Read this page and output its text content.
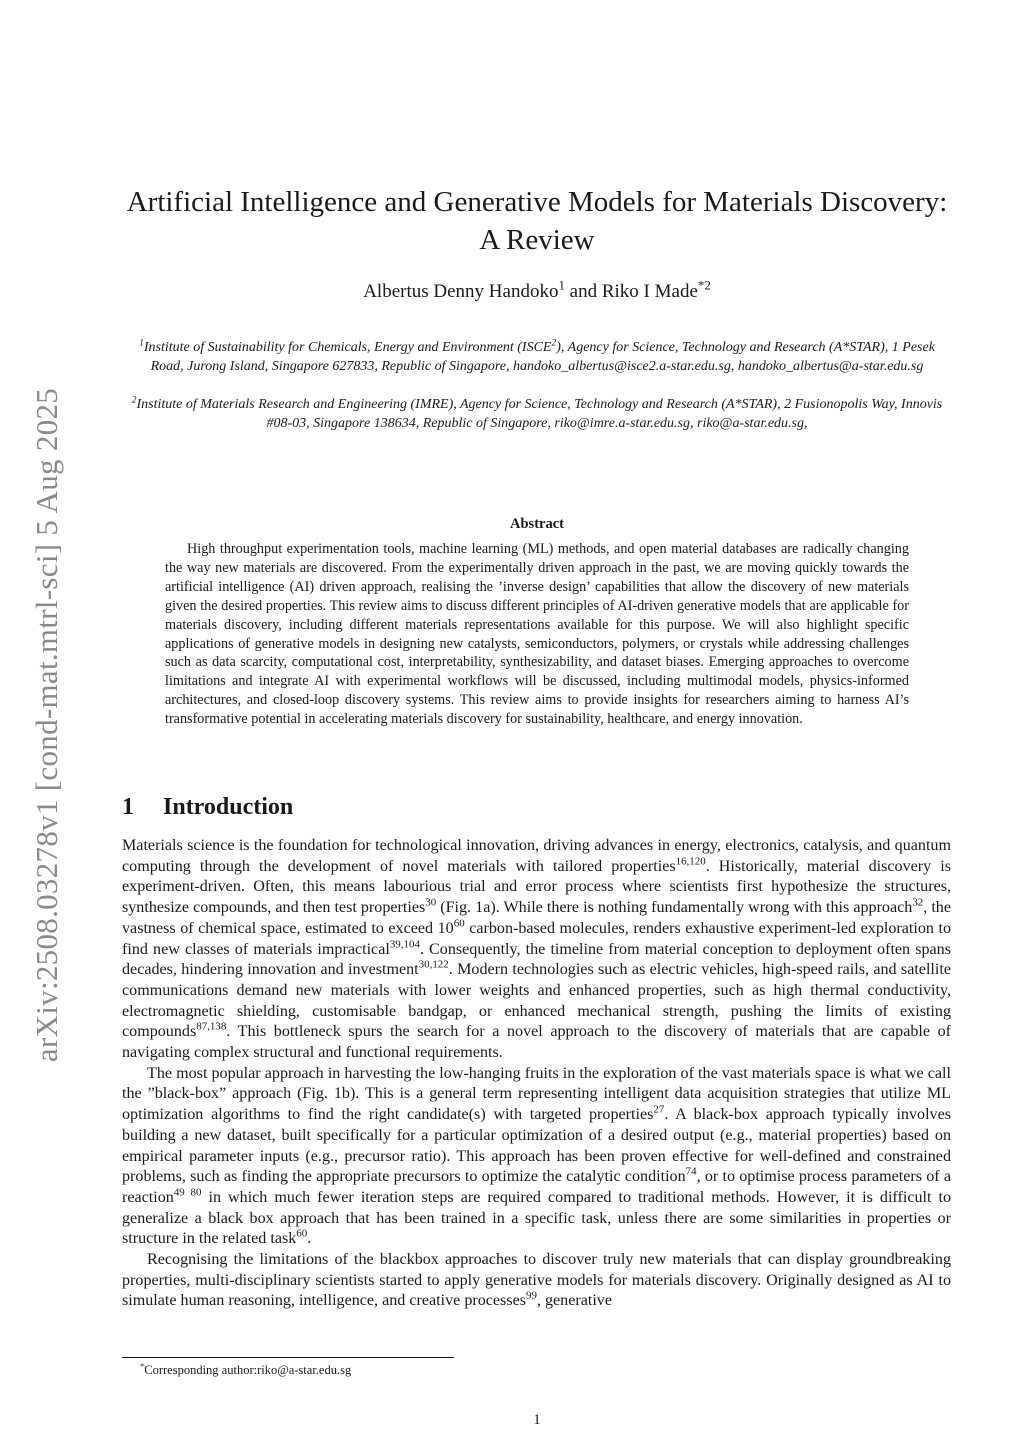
arXiv:2508.03278v1 [cond-mat.mtrl-sci] 5 Aug 2025
Artificial Intelligence and Generative Models for Materials Discovery: A Review
Albertus Denny Handoko$^1$ and Riko I Made$^{*2}$
$^1$Institute of Sustainability for Chemicals, Energy and Environment (ISCE$^2$), Agency for Science, Technology and Research (A*STAR), 1 Pesek Road, Jurong Island, Singapore 627833, Republic of Singapore, handoko_albertus@isce2.a-star.edu.sg, handoko_albertus@a-star.edu.sg
$^2$Institute of Materials Research and Engineering (IMRE), Agency for Science, Technology and Research (A*STAR), 2 Fusionopolis Way, Innovis #08-03, Singapore 138634, Republic of Singapore, riko@imre.a-star.edu.sg, riko@a-star.edu.sg,
Abstract

High throughput experimentation tools, machine learning (ML) methods, and open material databases are radically changing the way new materials are discovered. From the experimentally driven approach in the past, we are moving quickly towards the artificial intelligence (AI) driven approach, realising the ’inverse design’ capabilities that allow the discovery of new materials given the desired properties. This review aims to discuss different principles of AI-driven generative models that are applicable for materials discovery, including different materials representations available for this purpose. We will also highlight specific applications of generative models in designing new catalysts, semiconductors, polymers, or crystals while addressing challenges such as data scarcity, computational cost, interpretability, synthesizability, and dataset biases. Emerging approaches to overcome limitations and integrate AI with experimental workflows will be discussed, including multimodal models, physics-informed architectures, and closed-loop discovery systems. This review aims to provide insights for researchers aiming to harness AI’s transformative potential in accelerating materials discovery for sustainability, healthcare, and energy innovation.

1 Introduction

Materials science is the foundation for technological innovation, driving advances in energy, electronics, catalysis, and quantum computing through the development of novel materials with tailored properties$^{16,120}$. Historically, material discovery is experiment-driven. Often, this means labourious trial and error process where scientists first hypothesize the structures, synthesize compounds, and then test properties$^{30}$ (Fig. 1a). While there is nothing fundamentally wrong with this approach$^{32}$, the vastness of chemical space, estimated to exceed $10^{60}$ carbon-based molecules, renders exhaustive experiment-led exploration to find new classes of materials impractical$^{39,104}$. Consequently, the timeline from material conception to deployment often spans decades, hindering innovation and investment$^{30,122}$. Modern technologies such as electric vehicles, high-speed rails, and satellite communications demand new materials with lower weights and enhanced properties, such as high thermal conductivity, electromagnetic shielding, customisable bandgap, or enhanced mechanical strength, pushing the limits of existing compounds$^{87,138}$. This bottleneck spurs the search for a novel approach to the discovery of materials that are capable of navigating complex structural and functional requirements.

The most popular approach in harvesting the low-hanging fruits in the exploration of the vast materials space is what we call the ”black-box” approach (Fig. 1b). This is a general term representing intelligent data acquisition strategies that utilize ML optimization algorithms to find the right candidate(s) with targeted properties$^{27}$. A black-box approach typically involves building a new dataset, built specifically for a particular optimization of a desired output (e.g., material properties) based on empirical parameter inputs (e.g., precursor ratio). This approach has been proven effective for well-defined and constrained problems, such as finding the appropriate precursors to optimize the catalytic condition$^{74}$, or to optimise process parameters of a reaction$^{49 80}$ in which much fewer iteration steps are required compared to traditional methods. However, it is difficult to generalize a black box approach that has been trained in a specific task, unless there are some similarities in properties or structure in the related task$^{60}$.

Recognising the limitations of the blackbox approaches to discover truly new materials that can display groundbreaking properties, multi-disciplinary scientists started to apply generative models for materials discovery. Originally designed as AI to simulate human reasoning, intelligence, and creative processes$^{99}$, generative

*Corresponding author:riko@a-star.edu.sg
1
